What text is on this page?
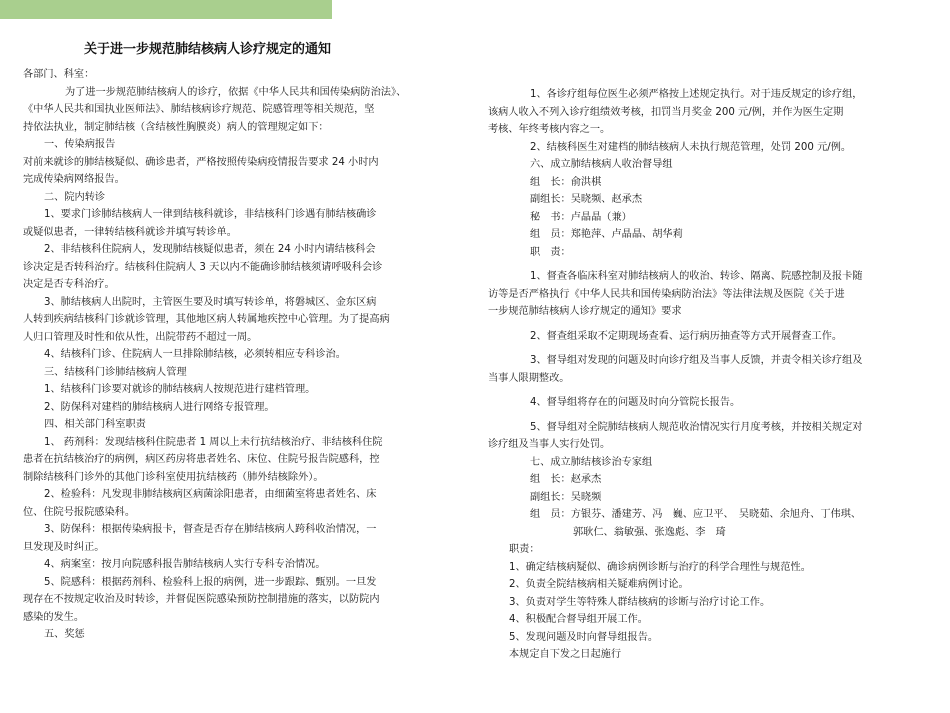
关于进一步规范肺结核病人诊疗规定的通知

各部门、科室：

为了进一步规范肺结核病人的诊疗，依据《中华人民共和国传染病防治法》、

《中华人民共和国执业医师法》、肺结核病诊疗规范、院感管理等相关规范，坚

持依法执业，制定肺结核（含结核性胸膜炎）病人的管理规定如下：

一、传染病报告

对前来就诊的肺结核疑似、确诊患者，严格按照传染病疫情报告要求 24 小时内

完成传染病网络报告。

二、院内转诊

1、要求门诊肺结核病人一律到结核科就诊，非结核科门诊遇有肺结核确诊

或疑似患者，一律转结核科就诊并填写转诊单。

2、非结核科住院病人，发现肺结核疑似患者，须在 24 小时内请结核科会

诊决定是否转科治疗。结核科住院病人 3 天以内不能确诊肺结核须请呼吸科会诊

决定是否专科治疗。

3、肺结核病人出院时，主管医生要及时填写转诊单，将磐城区、金东区病

人转到疾病结核科门诊就诊管理，其他地区病人转属地疾控中心管理。为了提高病

人归口管理及时性和依从性，出院带药不超过一周。

4、结核科门诊、住院病人一旦排除肺结核，必须转相应专科诊治。

三、结核科门诊肺结核病人管理

1、结核科门诊要对就诊的肺结核病人按规范进行建档管理。

2、防保科对建档的肺结核病人进行网络专报管理。

四、相关部门科室职责

1、 药剂科：发现结核科住院患者 1 周以上未行抗结核治疗、非结核科住院

患者在抗结核治疗的病例，病区药房将患者姓名、床位、住院号报告院感科，控

制除结核科门诊外的其他门诊科室使用抗结核药（肺外结核除外）。

2、检验科：凡发现非肺结核病区病菌涂阳患者，由细菌室将患者姓名、床

位、住院号报院感染科。

3、防保科：根据传染病报卡，督查是否存在肺结核病人跨科收治情况，一

旦发现及时纠正。

4、病案室：按月向院感科报告肺结核病人实行专科专治情况。

5、院感科：根据药剂科、检验科上报的病例，进一步跟踪、甄别。一旦发

现存在不按规定收治及时转诊，并督促医院感染预防控制措施的落实，以防院内

感染的发生。

五、奖惩

1、各诊疗组每位医生必须严格按上述规定执行。对于违反规定的诊疗组，

该病人收入不列入诊疗组绩效考核，扣罚当月奖金 200 元/例，并作为医生定期

考核、年终考核内容之一。

2、结核科医生对建档的肺结核病人未执行规范管理，处罚 200 元/例。

六、成立肺结核病人收治督导组

组　长：俞洪棋

副组长：吴晓频、赵承杰

秘　书：卢晶晶（兼）

组　员：郑艳萍、卢晶晶、胡华莉

职　责：

1、督查各临床科室对肺结核病人的收治、转诊、隔离、院感控制及报卡随

访等是否严格执行《中华人民共和国传染病防治法》等法律法规及医院《关于进

一步规范肺结核病人诊疗规定的通知》要求

2、督查组采取不定期现场查看、运行病历抽查等方式开展督查工作。

3、督导组对发现的问题及时向诊疗组及当事人反馈，并责令相关诊疗组及

当事人限期整改。

4、督导组将存在的问题及时向分管院长报告。

5、督导组对全院肺结核病人规范收治情况实行月度考核，并按相关规定对

诊疗组及当事人实行处罚。

七、成立肺结核诊治专家组

组　长：赵承杰

副组长：吴晓频

组　员：方银芬、潘建芳、冯　巍、应卫平、　吴晓茹、余旭舟、丁伟琪、

郭耿仁、翁敏强、张逸彪、李　琦

职责：

1、确定结核病疑似、确诊病例诊断与治疗的科学合理性与规范性。

2、负责全院结核病相关疑难病例讨论。

3、负责对学生等特殊人群结核病的诊断与治疗讨论工作。

4、积极配合督导组开展工作。

5、发现问题及时向督导组报告。

本规定自下发之日起施行
